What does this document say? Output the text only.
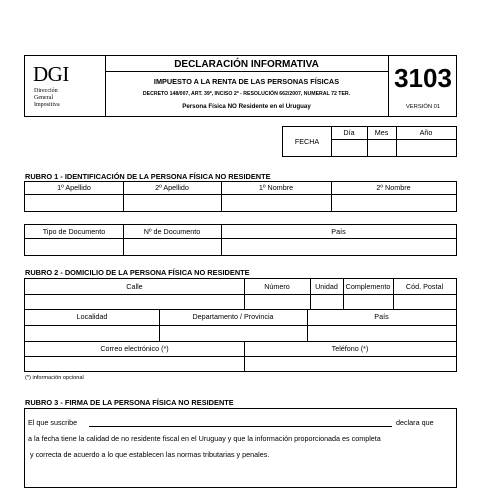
DGI
Dirección
General
Impositiva
DECLARACIÓN INFORMATIVA
IMPUESTO A LA RENTA DE LAS PERSONAS FÍSICAS
DECRETO 148/007, ART. 39º, INCISO 2º - RESOLUCIÓN 662/2007, NUMERAL 72 TER.
Persona Física NO Residente en el Uruguay
3103
VERSIÓN 01
FECHA
Día	Mes	Año
RUBRO 1 - IDENTIFICACIÓN DE LA PERSONA FÍSICA NO RESIDENTE
1º Apellido	2º Apellido	1º Nombre	2º Nombre
Tipo de Documento	Nº de Documento	País
RUBRO 2 - DOMICILIO DE LA PERSONA FÍSICA NO RESIDENTE
Calle	Número	Unidad	Complemento	Cód. Postal
Localidad	Departamento / Provincia	País
Correo electrónico (*)	Teléfono (*)
(*) información opcional
RUBRO 3 - FIRMA DE LA PERSONA FÍSICA NO RESIDENTE
El que suscribe	declara que
a la fecha tiene la calidad de no residente fiscal en el Uruguay y que la información proporcionada es completa
y correcta de acuerdo a lo que establecen las normas tributarias y penales.
